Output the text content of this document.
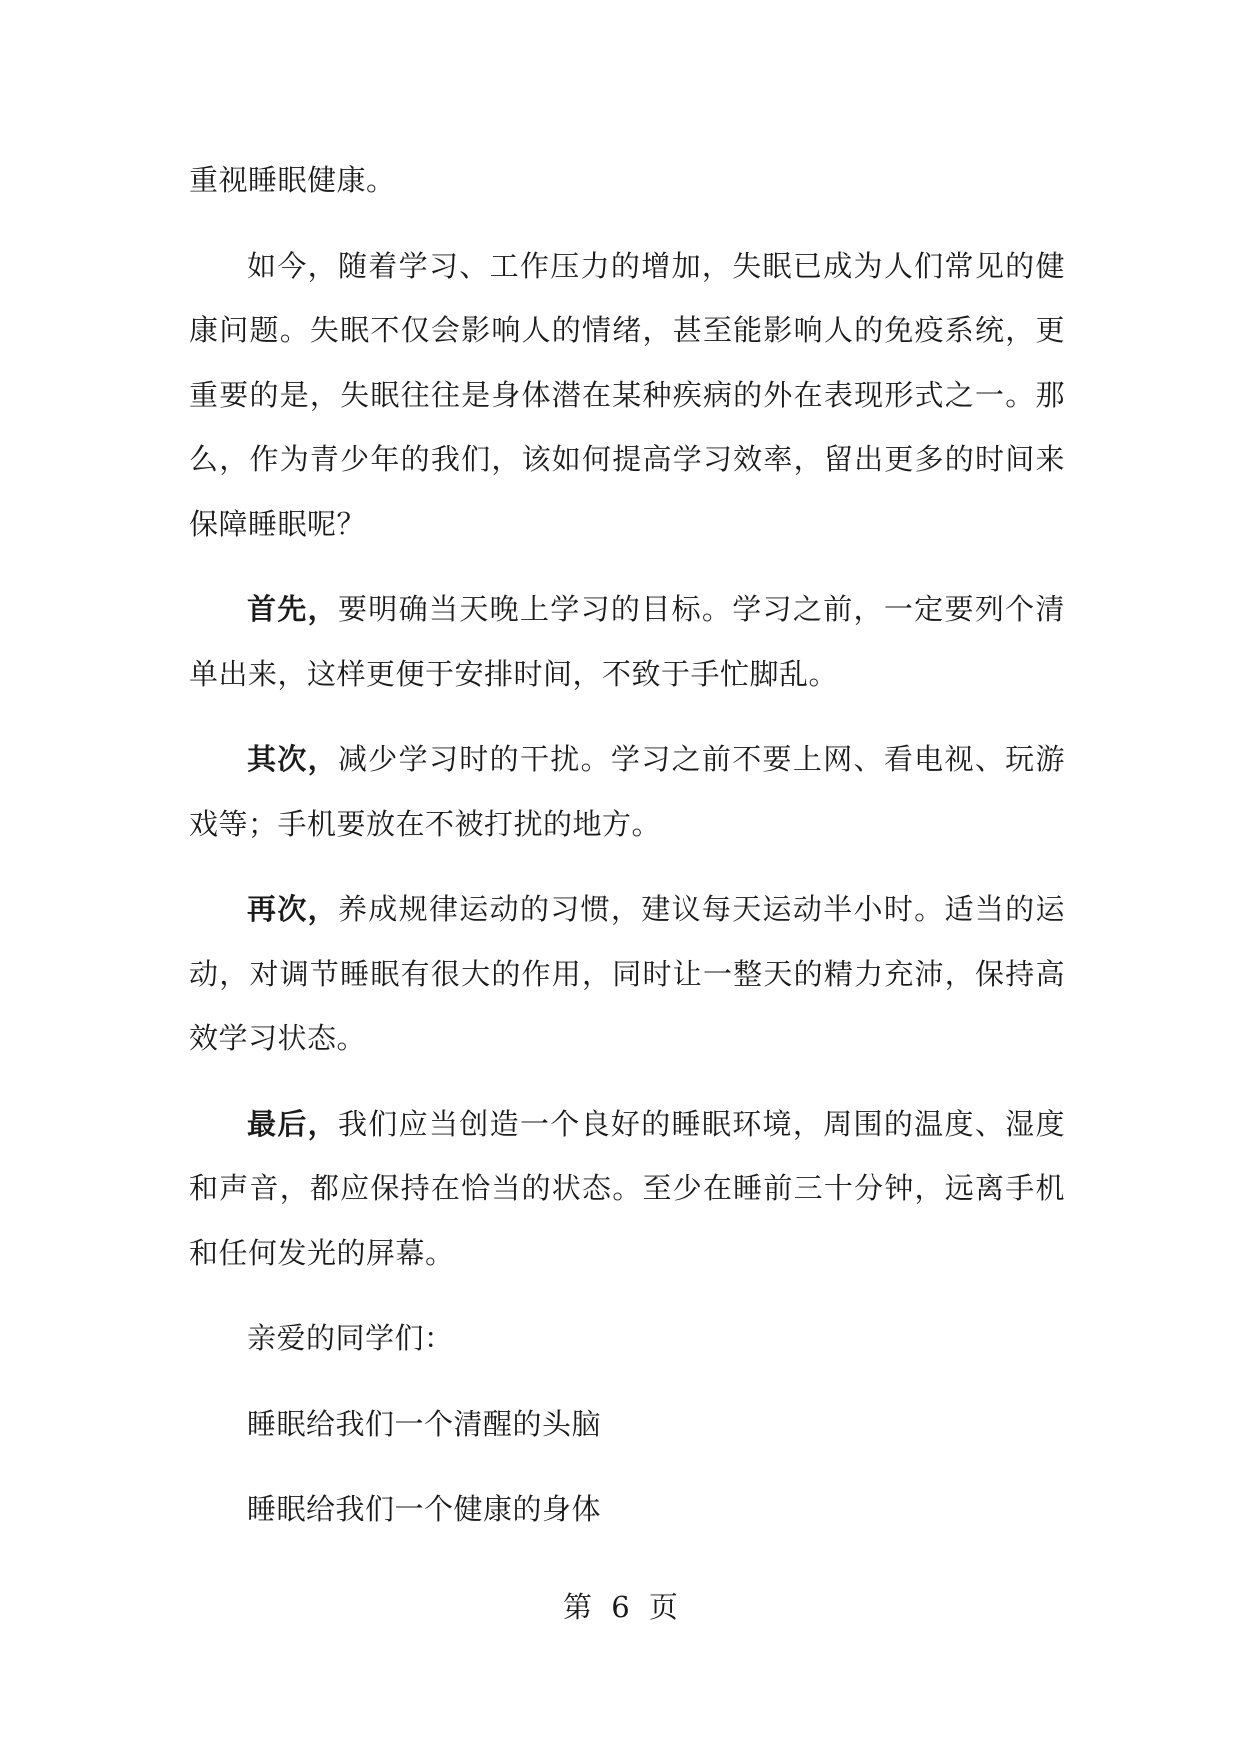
重视睡眠健康。

如今，随着学习、工作压力的增加，失眠已成为人们常见的健康问题。失眠不仅会影响人的情绪，甚至能影响人的免疫系统，更重要的是，失眠往往是身体潜在某种疾病的外在表现形式之一。那么，作为青少年的我们，该如何提高学习效率，留出更多的时间来保障睡眠呢？

首先，要明确当天晚上学习的目标。学习之前，一定要列个清单出来，这样更便于安排时间，不致于手忙脚乱。

其次，减少学习时的干扰。学习之前不要上网、看电视、玩游戏等；手机要放在不被打扰的地方。

再次，养成规律运动的习惯，建议每天运动半小时。适当的运动，对调节睡眠有很大的作用，同时让一整天的精力充沛，保持高效学习状态。

最后，我们应当创造一个良好的睡眠环境，周围的温度、湿度和声音，都应保持在恰当的状态。至少在睡前三十分钟，远离手机和任何发光的屏幕。

亲爱的同学们：

睡眠给我们一个清醒的头脑

睡眠给我们一个健康的身体

第 6 页
